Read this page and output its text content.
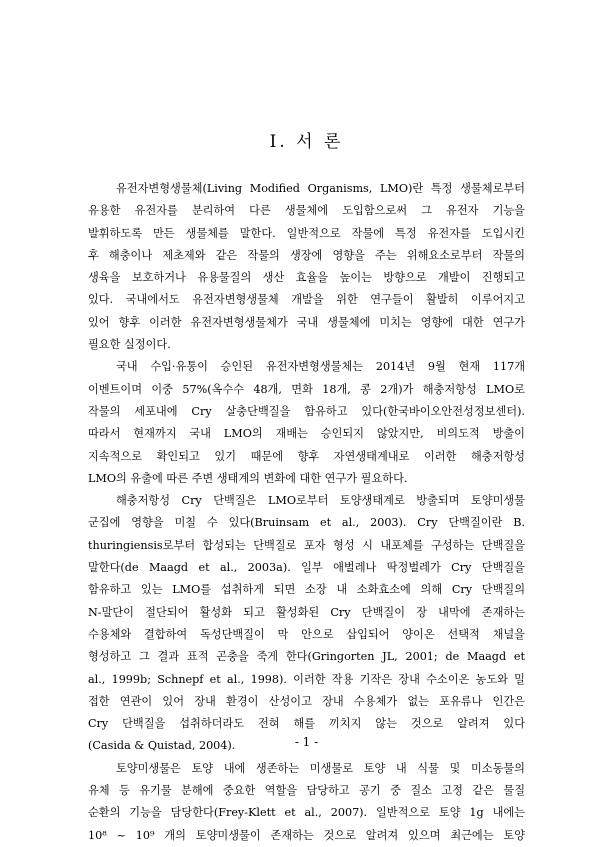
Ⅰ. 서 론
유전자변형생물체(Living Modified Organisms, LMO)란 특정 생물체로부터
유용한 유전자를 분리하여 다른 생물체에 도입함으로써 그 유전자 기능을
발휘하도록 만든 생물체를 말한다. 일반적으로 작물에 특정 유전자를 도입시킨
후 해충이나 제초제와 같은 작물의 생장에 영향을 주는 위해요소로부터 작물의
생육을 보호하거나 유용물질의 생산 효율을 높이는 방향으로 개발이 진행되고
있다. 국내에서도 유전자변형생물체 개발을 위한 연구들이 활발히 이루어지고
있어 향후 이러한 유전자변형생물체가 국내 생물체에 미치는 영향에 대한 연구가
필요한 실정이다.
국내 수입·유통이 승인된 유전자변형생물체는 2014년 9월 현재 117개
이벤트이며 이중 57%(옥수수 48개, 면화 18개, 콩 2개)가 해충저항성 LMO로
작물의 세포내에 Cry 살충단백질을 함유하고 있다(한국바이오안전성정보센터).
따라서 현재까지 국내 LMO의 재배는 승인되지 않았지만, 비의도적 방출이
지속적으로 확인되고 있기 때문에 향후 자연생태계내로 이러한 해충저항성
LMO의 유출에 따른 주변 생태계의 변화에 대한 연구가 필요하다.
해충저항성 Cry 단백질은 LMO로부터 토양생태계로 방출되며 토양미생물
군집에 영향을 미칠 수 있다(Bruinsam et al., 2003). Cry 단백질이란 B.
thuringiensis로부터 합성되는 단백질로 포자 형성 시 내포체를 구성하는 단백질을
말한다(de Maagd et al., 2003a). 일부 애벌레나 딱정벌레가 Cry 단백질을
함유하고 있는 LMO를 섭취하게 되면 소장 내 소화효소에 의해 Cry 단백질의
N-말단이 절단되어 활성화 되고 활성화된 Cry 단백질이 장 내막에 존재하는
수용체와 결합하여 독성단백질이 막 안으로 삽입되어 양이온 선택적 채널을
형성하고 그 결과 표적 곤충을 죽게 한다(Gringorten JL, 2001; de Maagd et
al., 1999b; Schnepf et al., 1998). 이러한 작용 기작은 장내 수소이온 농도와 밀
접한 연관이 있어 장내 환경이 산성이고 장내 수용체가 없는 포유류나 인간은
Cry 단백질을 섭취하더라도 전혀 해를 끼치지 않는 것으로 알려져 있다
(Casida & Quistad, 2004).
토양미생물은 토양 내에 생존하는 미생물로 토양 내 식물 및 미소동물의
유체 등 유기물 분해에 중요한 역할을 담당하고 공기 중 질소 고정 같은 물질
순환의 기능을 담당한다(Frey-Klett et al., 2007). 일반적으로 토양 1g 내에는
10⁸ ~ 10⁹ 개의 토양미생물이 존재하는 것으로 알려져 있으며 최근에는 토양
- 1 -
